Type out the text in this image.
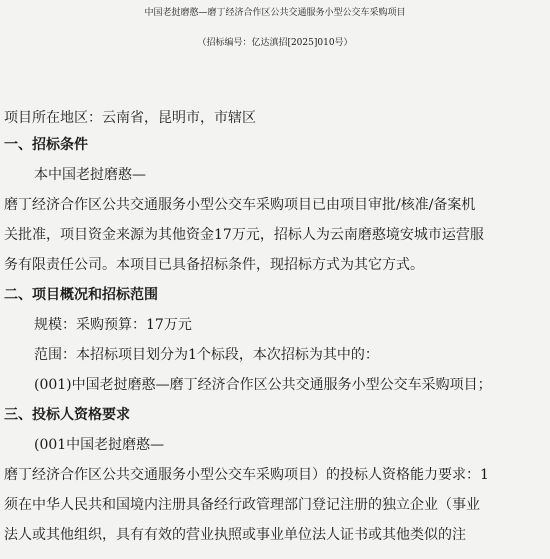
中国老挝磨憨—磨丁经济合作区公共交通服务小型公交车采购项目
（招标编号：亿达滇招[2025]010号）
项目所在地区：云南省，昆明市，市辖区
一、招标条件
本中国老挝磨憨—
磨丁经济合作区公共交通服务小型公交车采购项目已由项目审批/核准/备案机
关批准，项目资金来源为其他资金17万元，招标人为云南磨憨境安城市运营服
务有限责任公司。本项目已具备招标条件，现招标方式为其它方式。
二、项目概况和招标范围
规模：采购预算：17万元
范围：本招标项目划分为1个标段，本次招标为其中的：
(001)中国老挝磨憨—磨丁经济合作区公共交通服务小型公交车采购项目；
三、投标人资格要求
(001中国老挝磨憨—
磨丁经济合作区公共交通服务小型公交车采购项目）的投标人资格能力要求：1
须在中华人民共和国境内注册具备经行政管理部门登记注册的独立企业（事业
法人或其他组织，具有有效的营业执照或事业单位法人证书或其他类似的注
